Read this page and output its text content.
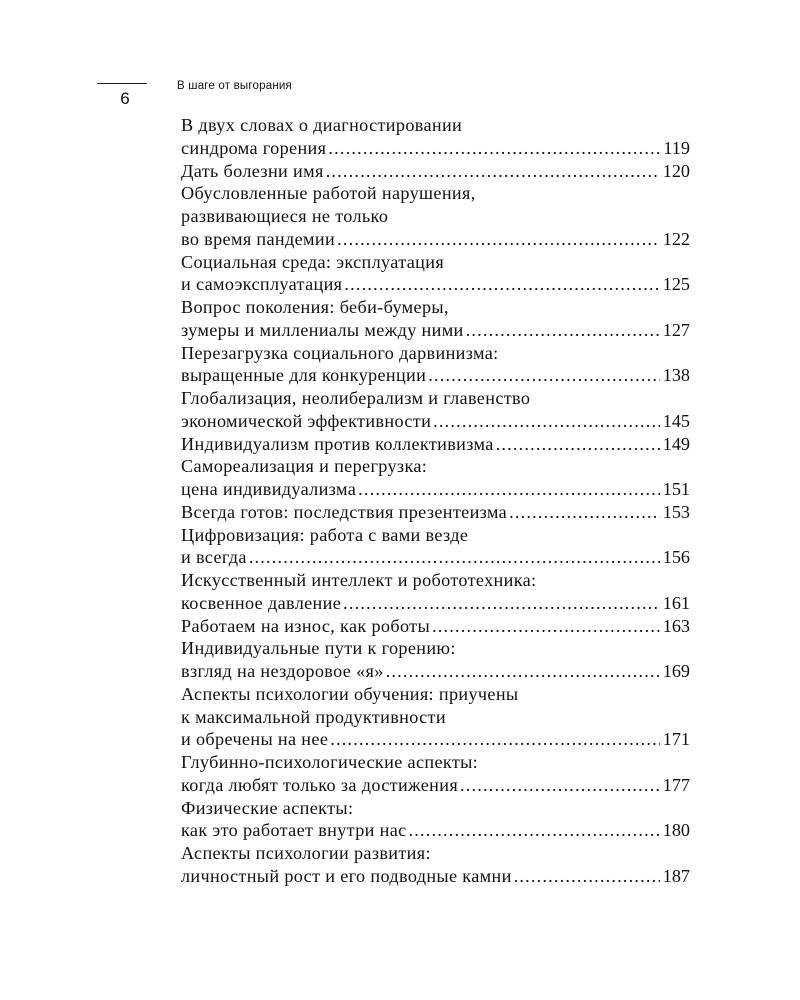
6
В шаге от выгорания
В двух словах о диагностировании
синдрома горения .....	119
Дать болезни имя .....	120
Обусловленные работой нарушения,
развивающиеся не только
во время пандемии .....	122
Социальная среда: эксплуатация
и самоэксплуатация .....	125
Вопрос поколения: беби-бумеры,
зумеры и миллениалы между ними .....	127
Перезагрузка социального дарвинизма:
выращенные для конкуренции .....	138
Глобализация, неолиберализм и главенство
экономической эффективности .....	145
Индивидуализм против коллективизма .....	149
Самореализация и перегрузка:
цена индивидуализма .....	151
Всегда готов: последствия презентеизма .....	153
Цифровизация: работа с вами везде
и всегда .....	156
Искусственный интеллект и робототехника:
косвенное давление .....	161
Работаем на износ, как роботы .....	163
Индивидуальные пути к горению:
взгляд на нездоровое «я» .....	169
Аспекты психологии обучения: приучены
к максимальной продуктивности
и обречены на нее .....	171
Глубинно-психологические аспекты:
когда любят только за достижения .....	177
Физические аспекты:
как это работает внутри нас .....	180
Аспекты психологии развития:
личностный рост и его подводные камни .....	187
